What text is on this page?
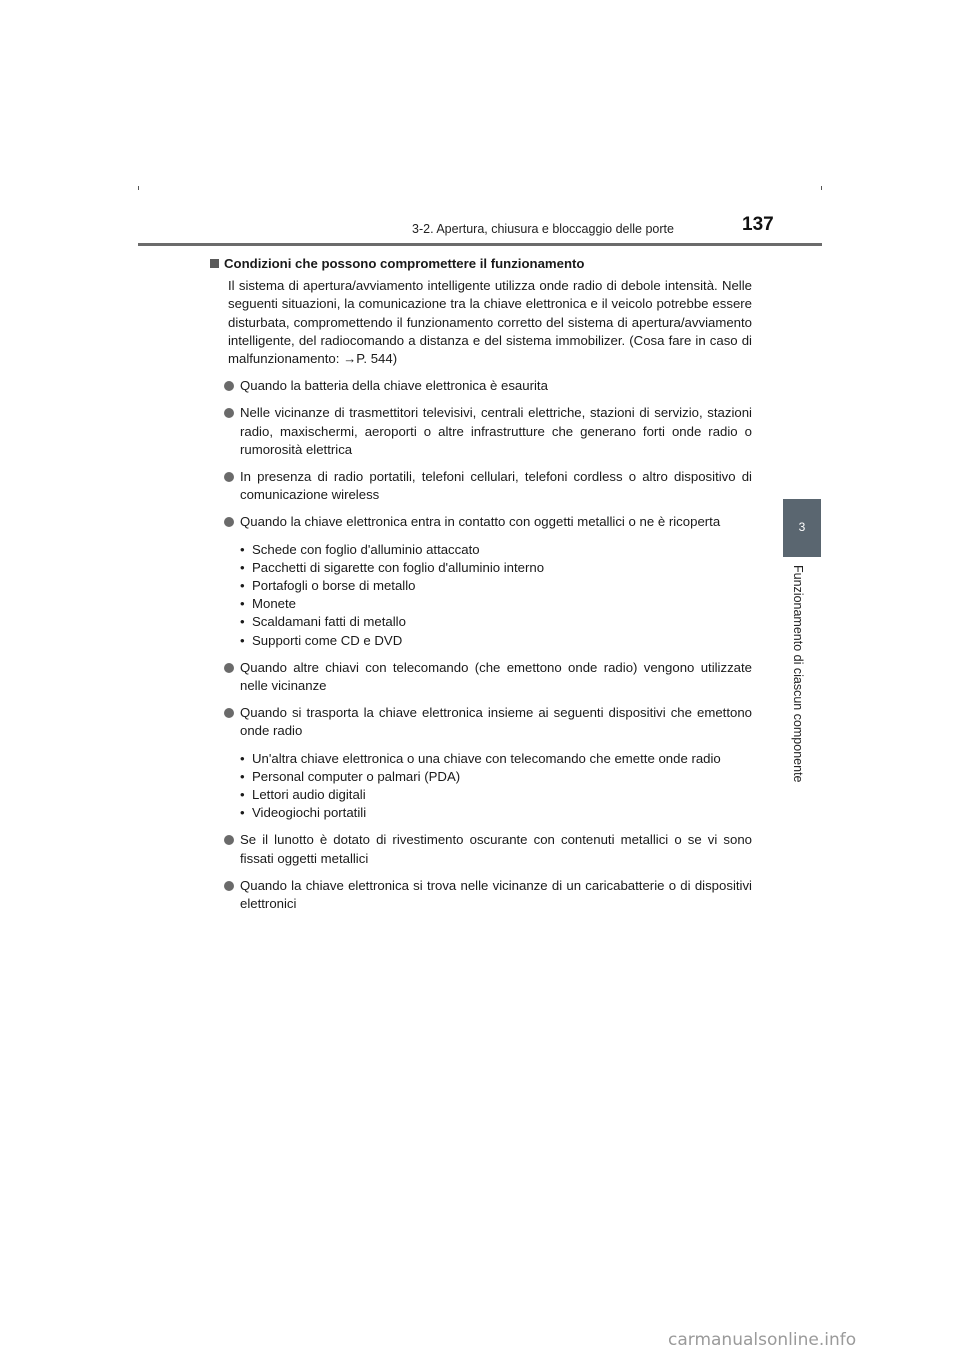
3-2. Apertura, chiusura e bloccaggio delle porte	137
3
Funzionamento di ciascun componente
Condizioni che possono compromettere il funzionamento
Il sistema di apertura/avviamento intelligente utilizza onde radio di debole intensità. Nelle seguenti situazioni, la comunicazione tra la chiave elettronica e il veicolo potrebbe essere disturbata, compromettendo il funzionamento corretto del sistema di apertura/avviamento intelligente, del radiocomando a distanza e del sistema immobilizer. (Cosa fare in caso di malfunzionamento: →P. 544)
Quando la batteria della chiave elettronica è esaurita
Nelle vicinanze di trasmettitori televisivi, centrali elettriche, stazioni di servizio, stazioni radio, maxischermi, aeroporti o altre infrastrutture che generano forti onde radio o rumorosità elettrica
In presenza di radio portatili, telefoni cellulari, telefoni cordless o altro dispositivo di comunicazione wireless
Quando la chiave elettronica entra in contatto con oggetti metallici o ne è ricoperta
• Schede con foglio d'alluminio attaccato
• Pacchetti di sigarette con foglio d'alluminio interno
• Portafogli o borse di metallo
• Monete
• Scaldamani fatti di metallo
• Supporti come CD e DVD
Quando altre chiavi con telecomando (che emettono onde radio) vengono utilizzate nelle vicinanze
Quando si trasporta la chiave elettronica insieme ai seguenti dispositivi che emettono onde radio
• Un'altra chiave elettronica o una chiave con telecomando che emette onde radio
• Personal computer o palmari (PDA)
• Lettori audio digitali
• Videogiochi portatili
Se il lunotto è dotato di rivestimento oscurante con contenuti metallici o se vi sono fissati oggetti metallici
Quando la chiave elettronica si trova nelle vicinanze di un caricabatterie o di dispositivi elettronici
carmanualsonline.info
